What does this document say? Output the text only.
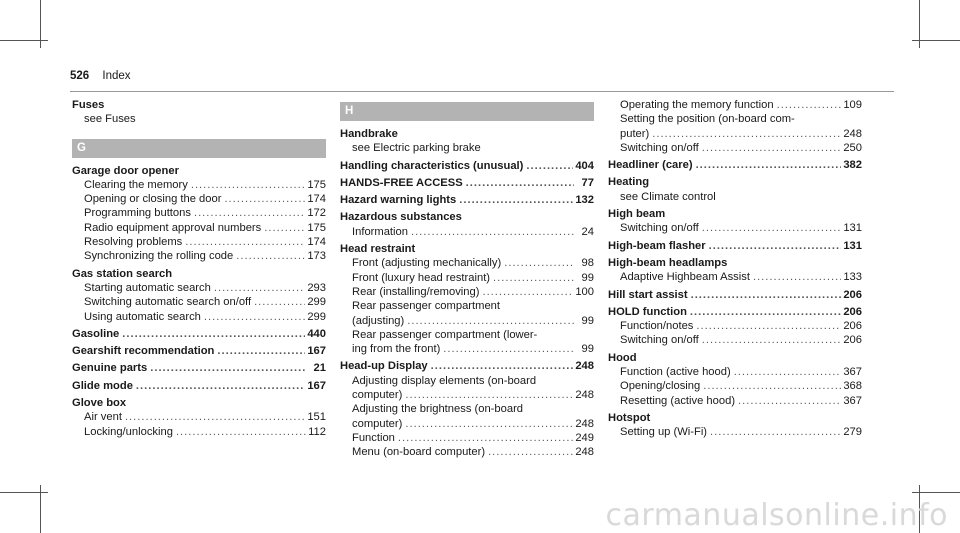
526 Index
Fuses
see Fuses
G
Garage door opener
Clearing the memory .....	175
Opening or closing the door .....	174
Programming buttons .....	172
Radio equipment approval numbers .....	175
Resolving problems .....	174
Synchronizing the rolling code .....	173
Gas station search
Starting automatic search .....	293
Switching automatic search on/off .....	299
Using automatic search .....	299
Gasoline .....	440
Gearshift recommendation .....	167
Genuine parts .....	21
Glide mode .....	167
Glove box
Air vent .....	151
Locking/unlocking .....	112
H
Handbrake
see Electric parking brake
Handling characteristics (unusual) .....	404
HANDS-FREE ACCESS .....	77
Hazard warning lights .....	132
Hazardous substances
Information .....	24
Head restraint
Front (adjusting mechanically) .....	98
Front (luxury head restraint) .....	99
Rear (installing/removing) .....	100
Rear passenger compartment
(adjusting) .....	99
Rear passenger compartment (lower-
ing from the front) .....	99
Head-up Display .....	248
Adjusting display elements (on-board
computer) .....	248
Adjusting the brightness (on-board
computer) .....	248
Function .....	249
Menu (on-board computer) .....	248
Operating the memory function .....	109
Setting the position (on-board com-
puter) .....	248
Switching on/off .....	250
Headliner (care) .....	382
Heating
see Climate control
High beam
Switching on/off .....	131
High-beam flasher .....	131
High-beam headlamps
Adaptive Highbeam Assist .....	133
Hill start assist .....	206
HOLD function .....	206
Function/notes .....	206
Switching on/off .....	206
Hood
Function (active hood) .....	367
Opening/closing .....	368
Resetting (active hood) .....	367
Hotspot
Setting up (Wi-Fi) .....	279
carmanualsonline.info
